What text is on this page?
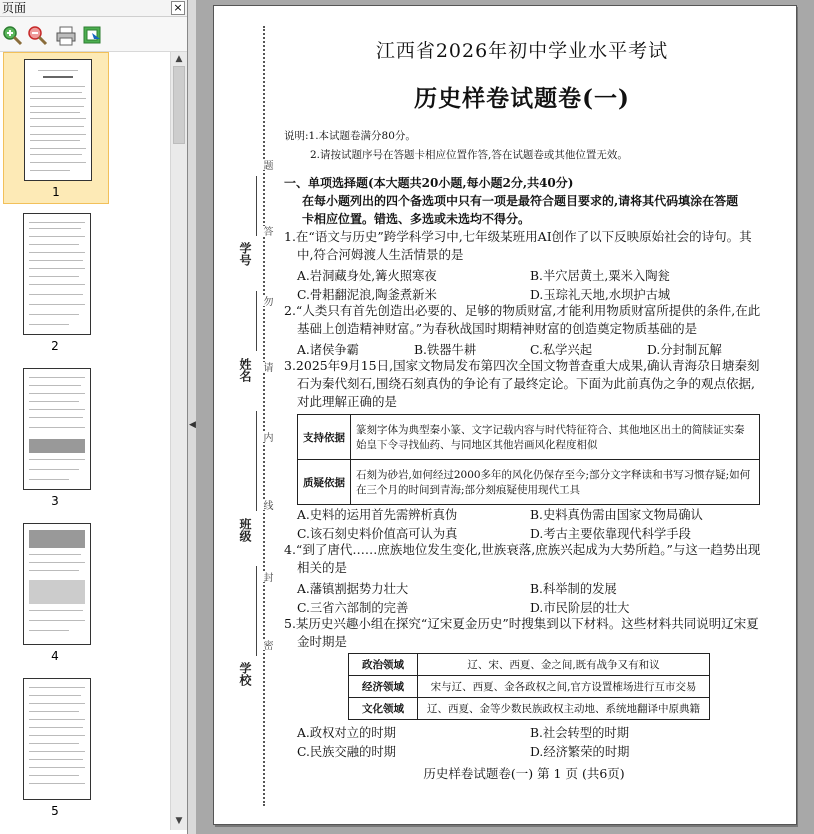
页面	×
1
2
3
4
5
▲
▼
◀
学号
姓名
班级
学校
题
答
勿
请
内
线
封
密
江西省2026年初中学业水平考试
历史样卷试题卷(一)
说明:1.本试题卷满分80分。
2.请按试题序号在答题卡相应位置作答,答在试题卷或其他位置无效。
一、单项选择题(本大题共20小题,每小题2分,共40分)
在每小题列出的四个备选项中只有一项是最符合题目要求的,请将其代码填涂在答题
卡相应位置。错选、多选或未选均不得分。
1.在“语文与历史”跨学科学习中,七年级某班用AI创作了以下反映原始社会的诗句。其
中,符合河姆渡人生活情景的是
A.岩洞藏身处,篝火照寒夜	B.半穴居黄土,粟米入陶瓮
C.骨耜翻泥浪,陶釜煮新米	D.玉琮礼天地,水坝护古城
2.“人类只有首先创造出必要的、足够的物质财富,才能利用物质财富所提供的条件,在此
基础上创造精神财富。”为春秋战国时期精神财富的创造奠定物质基础的是
A.诸侯争霸	B.铁器牛耕	C.私学兴起	D.分封制瓦解
3.2025年9月15日,国家文物局发布第四次全国文物普查重大成果,确认青海尕日塘秦刻
石为秦代刻石,围绕石刻真伪的争论有了最终定论。下面为此前真伪之争的观点依据,
对此理解正确的是
支持依据	篆刻字体为典型秦小篆、文字记载内容与时代特征符合、其他地区出土的简牍证实秦始皇下令寻找仙药、与同地区其他岩画风化程度相似
质疑依据	石刻为砂岩,如何经过2000多年的风化仍保存至今;部分文字释读和书写习惯存疑;如何在三个月的时间到青海;部分刻痕疑使用现代工具
A.史料的运用首先需辨析真伪	B.史料真伪需由国家文物局确认
C.该石刻史料价值高可认为真	D.考古主要依靠现代科学手段
4.“到了唐代……庶族地位发生变化,世族衰落,庶族兴起成为大势所趋。”与这一趋势出现
相关的是
A.藩镇割据势力壮大	B.科举制的发展
C.三省六部制的完善	D.市民阶层的壮大
5.某历史兴趣小组在探究“辽宋夏金历史”时搜集到以下材料。这些材料共同说明辽宋夏
金时期是
政治领域	辽、宋、西夏、金之间,既有战争又有和议
经济领域	宋与辽、西夏、金各政权之间,官方设置榷场进行互市交易
文化领域	辽、西夏、金等少数民族政权主动地、系统地翻译中原典籍
A.政权对立的时期	B.社会转型的时期
C.民族交融的时期	D.经济繁荣的时期
历史样卷试题卷(一) 第 1 页 (共6页)
